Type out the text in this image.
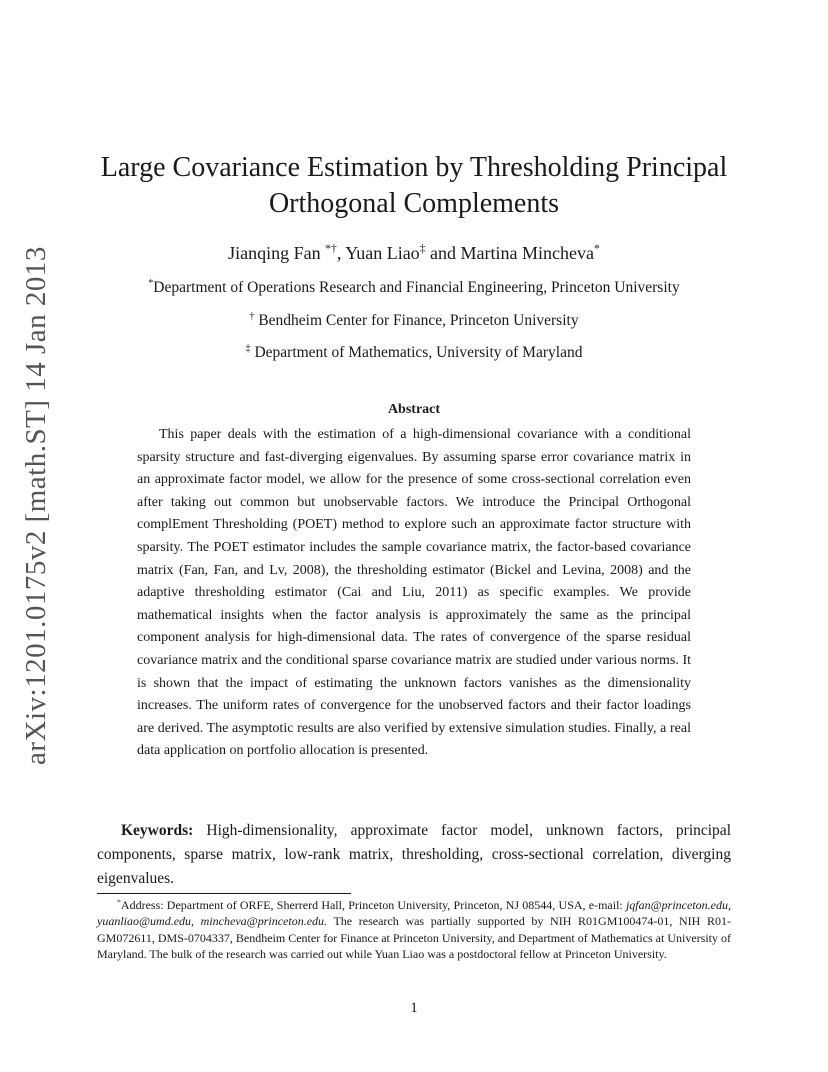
arXiv:1201.0175v2 [math.ST] 14 Jan 2013
Large Covariance Estimation by Thresholding Principal
Orthogonal Complements
Jianqing Fan *†, Yuan Liao‡ and Martina Mincheva*
*Department of Operations Research and Financial Engineering, Princeton University
† Bendheim Center for Finance, Princeton University
‡ Department of Mathematics, University of Maryland
Abstract
This paper deals with the estimation of a high-dimensional covariance with a conditional sparsity structure and fast-diverging eigenvalues. By assuming sparse error covariance matrix in an approximate factor model, we allow for the presence of some cross-sectional correlation even after taking out common but unobservable factors. We introduce the Principal Orthogonal complEment Thresholding (POET) method to explore such an approximate factor structure with sparsity. The POET estimator includes the sample covariance matrix, the factor-based covariance matrix (Fan, Fan, and Lv, 2008), the thresholding estimator (Bickel and Levina, 2008) and the adaptive thresholding estimator (Cai and Liu, 2011) as specific examples. We provide mathematical insights when the factor analysis is approximately the same as the principal component analysis for high-dimensional data. The rates of convergence of the sparse residual covariance matrix and the conditional sparse covariance matrix are studied under various norms. It is shown that the impact of estimating the unknown factors vanishes as the dimensionality increases. The uniform rates of convergence for the unobserved factors and their factor loadings are derived. The asymptotic results are also verified by extensive simulation studies. Finally, a real data application on portfolio allocation is presented.
Keywords: High-dimensionality, approximate factor model, unknown factors, principal components, sparse matrix, low-rank matrix, thresholding, cross-sectional correlation, diverging eigenvalues.
*Address: Department of ORFE, Sherrerd Hall, Princeton University, Princeton, NJ 08544, USA, e-mail: jqfan@princeton.edu, yuanliao@umd.edu, mincheva@princeton.edu. The research was partially supported by NIH R01GM100474-01, NIH R01-GM072611, DMS-0704337, Bendheim Center for Finance at Princeton University, and Department of Mathematics at University of Maryland. The bulk of the research was carried out while Yuan Liao was a postdoctoral fellow at Princeton University.
1
